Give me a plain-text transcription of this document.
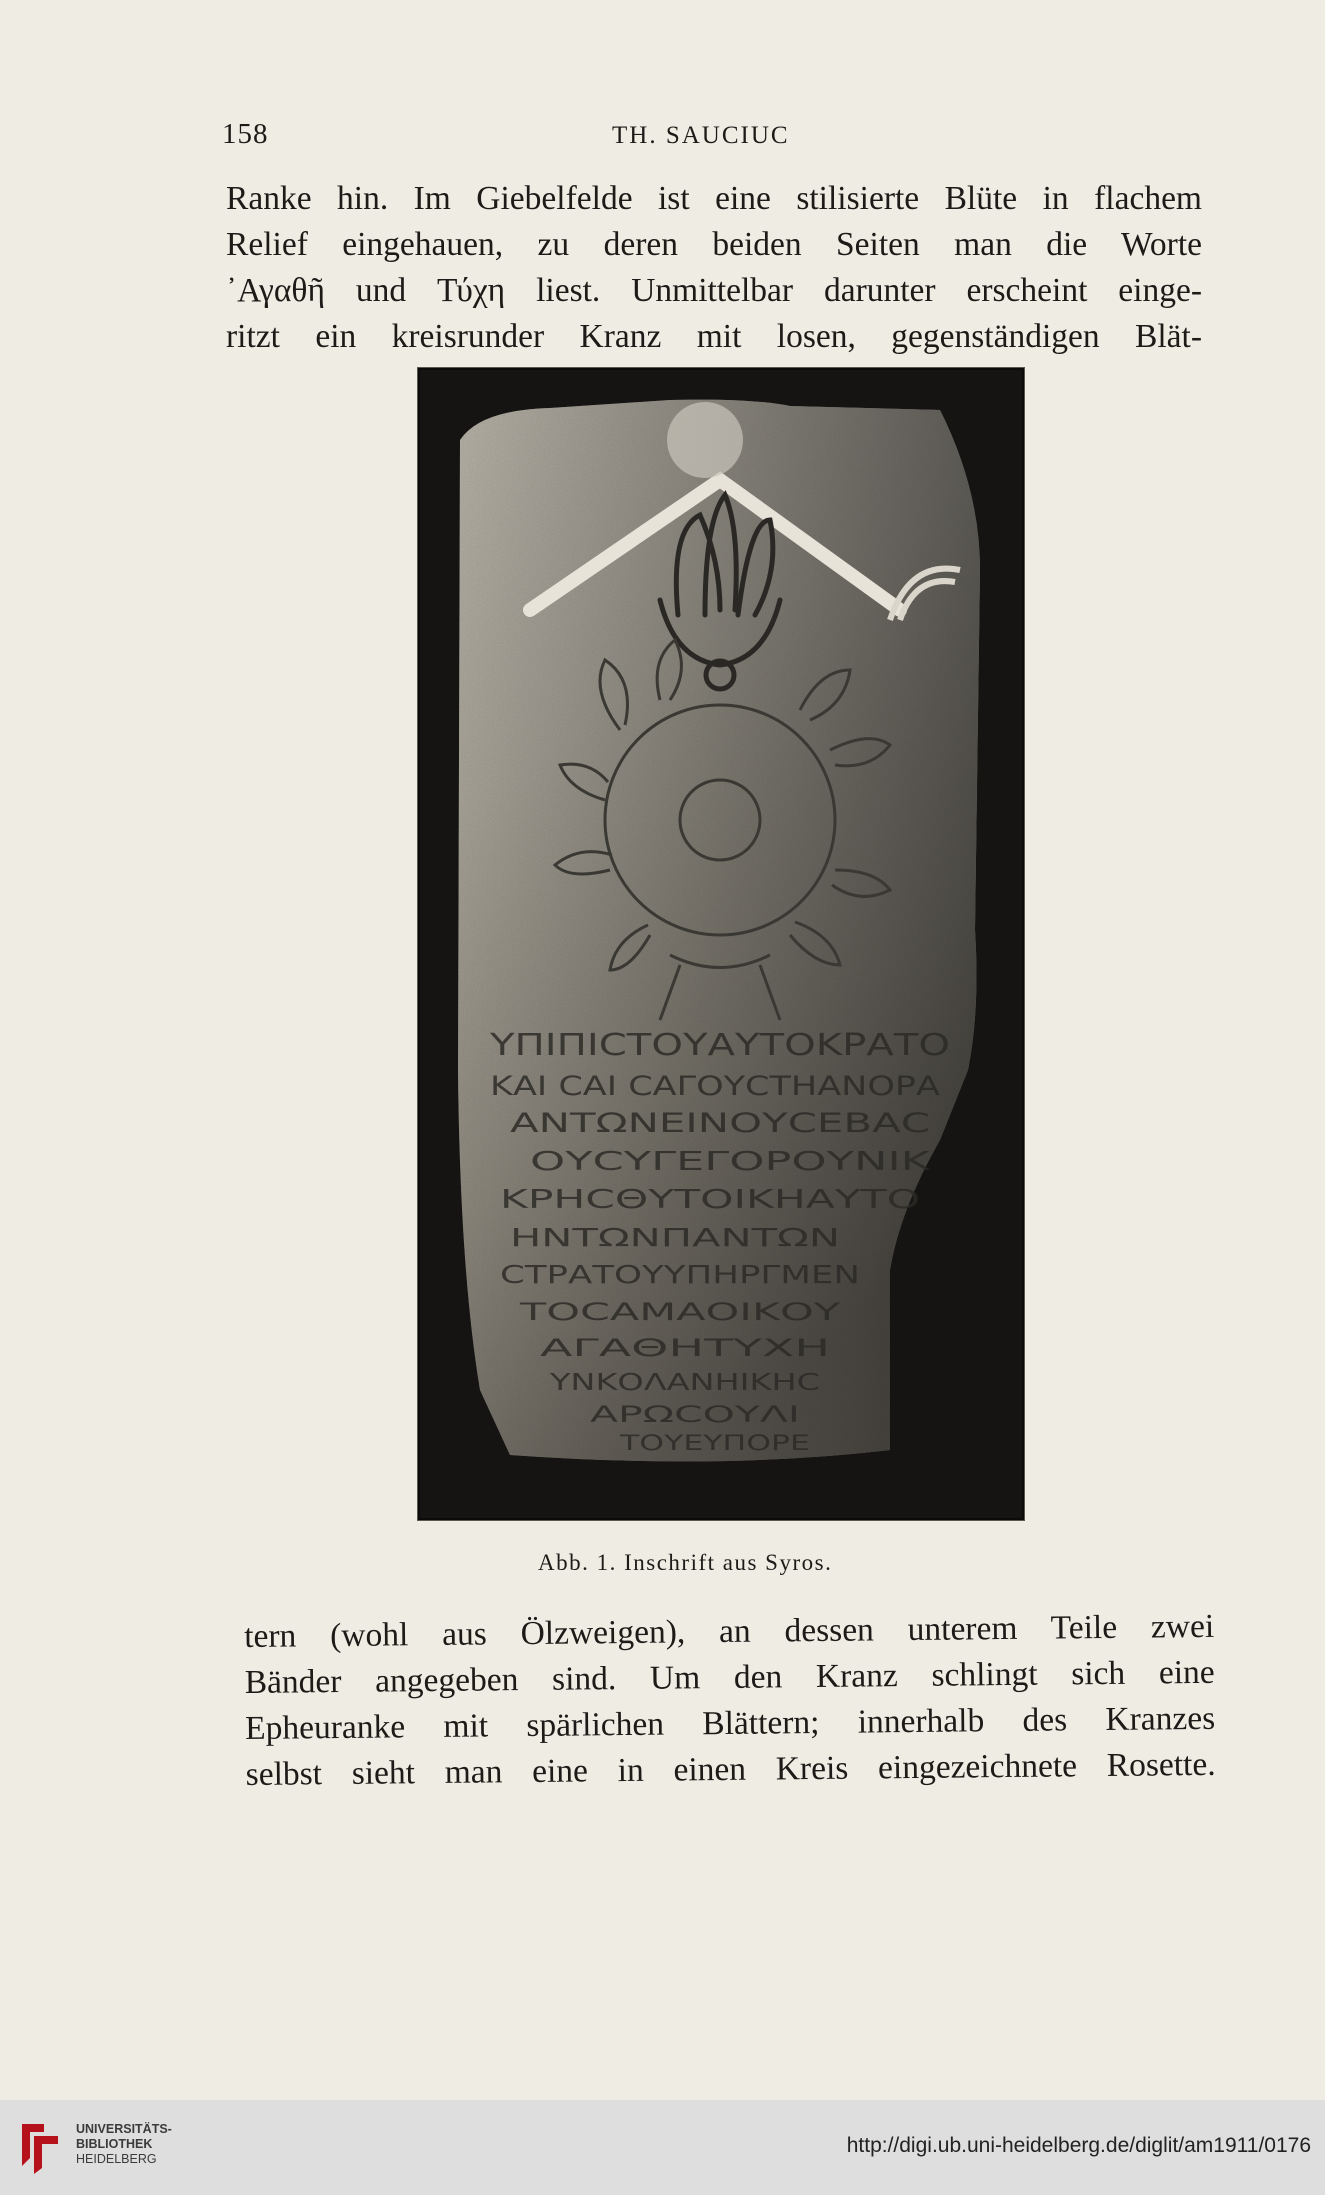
158	TH. SAUCIUC

Ranke hin. Im Giebelfelde ist eine stilisierte Blüte in flachem
Relief eingehauen, zu deren beiden Seiten man die Worte
᾿Αγαθῆ und Τύχη liest. Unmittelbar darunter erscheint einge-
ritzt ein kreisrunder Kranz mit losen, gegenständigen Blät-

ΥΠΙΠΙCΤΟΥΑΥΤΟΚΡΑΤΟ
ΚΑΙ CΑΙ CΑΓΟΥCΤΗΑΝΟΡΑ
ΑΝΤΩΝΕΙΝΟΥCΕΒΑC
ΟΥCΥΓΕΓΟΡΟΥΝΙΚ
ΚΡΗCΘΥΤΟΙΚΗΑΥΤΟ
ΗΝΤΩΝΠΑΝΤΩΝ
CΤΡΑΤΟΥΥΠΗΡΓΜΕΝ
ΤΟCΑΜΑΟΙΚΟΥ
ΑΓΑΘΗΤΥΧΗ
ΥΝΚΟΛΑΝΗΙΚΗC
ΑΡΩCΟΥΛΙ
ΤΟΥΕΥΠΟΡΕ
Abb. 1. Inschrift aus Syros.

tern (wohl aus Ölzweigen), an dessen unterem Teile zwei
Bänder angegeben sind. Um den Kranz schlingt sich eine
Epheuranke mit spärlichen Blättern; innerhalb des Kranzes
selbst sieht man eine in einen Kreis eingezeichnete Rosette.

UNIVERSITÄTS-
BIBLIOTHEK
HEIDELBERG
http://digi.ub.uni-heidelberg.de/diglit/am1911/0176
